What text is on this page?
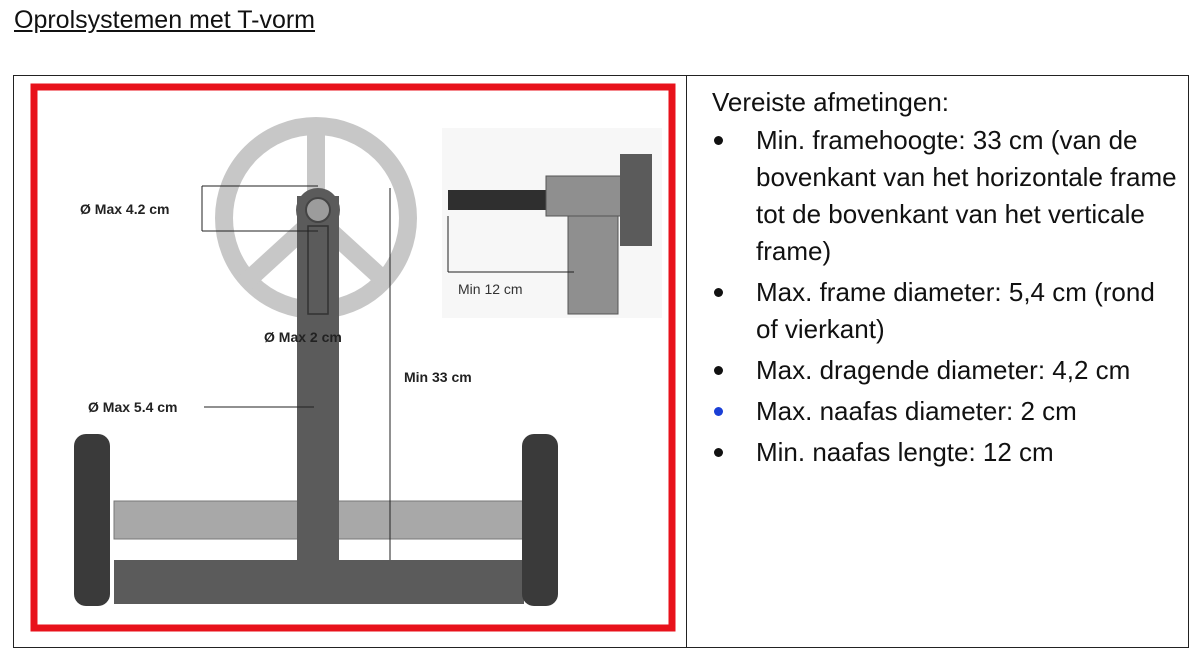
Oprolsystemen met T-vorm
Ø Max 4.2 cm
Ø Max 2 cm
Ø Max 5.4 cm
Min 33 cm
Min 12 cm
Vereiste afmetingen:
Min. framehoogte: 33 cm (van de bovenkant van het horizontale frame tot de bovenkant van het verticale frame)
Max. frame diameter: 5,4 cm (rond of vierkant)
Max. dragende diameter: 4,2 cm
Max. naafas diameter: 2 cm
Min. naafas lengte: 12 cm
